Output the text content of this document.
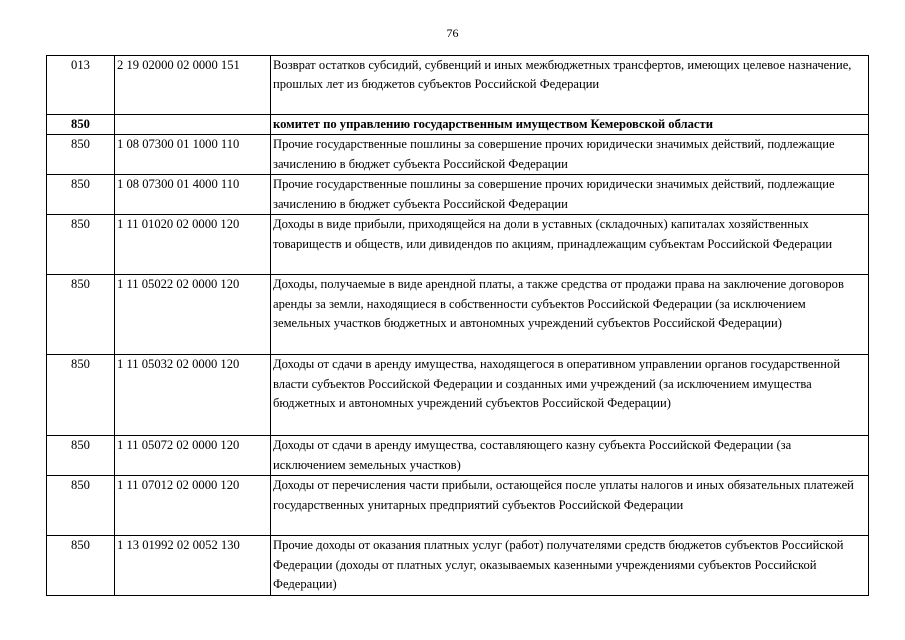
76
013	2 19 02000 02 0000 151	Возврат остатков субсидий, субвенций и иных межбюджетных трансфертов, имеющих целевое назначение, прошлых лет из бюджетов субъектов Российской Федерации
850		комитет по управлению государственным имуществом Кемеровской области
850	1 08 07300 01 1000 110	Прочие государственные пошлины за совершение прочих юридически значимых действий, подлежащие зачислению в бюджет субъекта Российской Федерации
850	1 08 07300 01 4000 110	Прочие государственные пошлины за совершение прочих юридически значимых действий, подлежащие зачислению в бюджет субъекта Российской Федерации
850	1 11 01020 02 0000 120	Доходы в виде прибыли, приходящейся на доли в уставных (складочных) капиталах хозяйственных товариществ и обществ, или дивидендов по акциям, принадлежащим субъектам Российской Федерации
850	1 11 05022 02 0000 120	Доходы, получаемые в виде арендной платы, а также средства от продажи права на заключение договоров аренды за земли, находящиеся в собственности субъектов Российской Федерации (за исключением земельных участков бюджетных и автономных учреждений субъектов Российской Федерации)
850	1 11 05032 02 0000 120	Доходы от сдачи в аренду имущества, находящегося в оперативном управлении органов государственной власти субъектов Российской Федерации и созданных ими учреждений (за исключением имущества бюджетных и автономных учреждений субъектов Российской Федерации)
850	1 11 05072 02 0000 120	Доходы от сдачи в аренду имущества, составляющего казну субъекта Российской Федерации (за исключением земельных участков)
850	1 11 07012 02 0000 120	Доходы от перечисления части прибыли, остающейся после уплаты налогов и иных обязательных платежей государственных унитарных предприятий субъектов Российской Федерации
850	1 13 01992 02 0052 130	Прочие доходы от оказания платных услуг (работ) получателями средств бюджетов субъектов Российской Федерации (доходы от платных услуг, оказываемых казенными учреждениями субъектов Российской Федерации)
